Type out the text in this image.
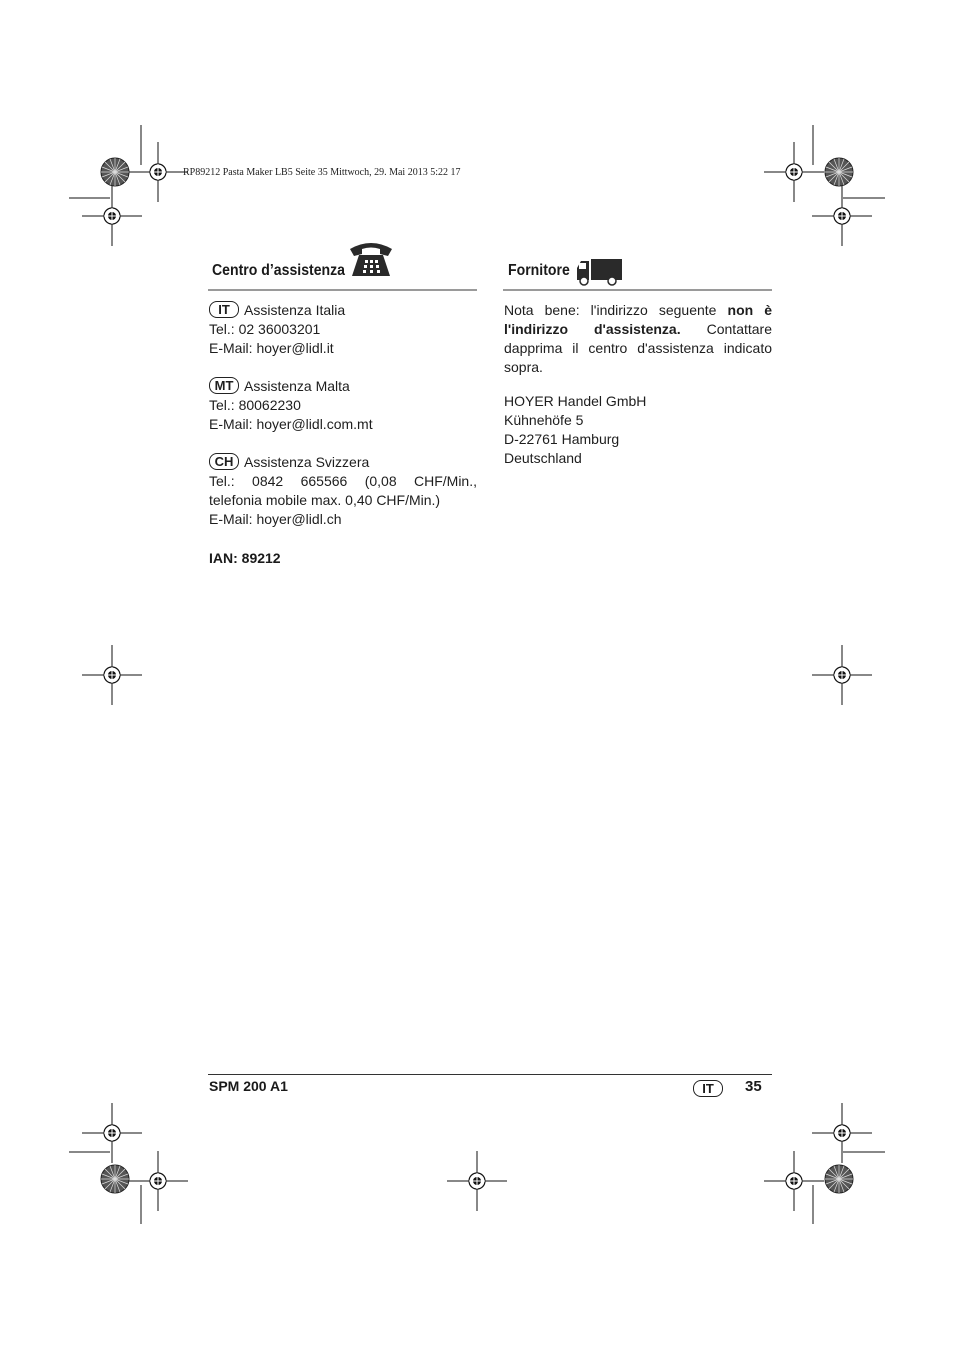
RP89212 Pasta Maker LB5 Seite 35 Mittwoch, 29. Mai 2013 5:22 17
Centro d’assistenza
IT Assistenza Italia
Tel.: 02 36003201
E-Mail: hoyer@lidl.it
MT Assistenza Malta
Tel.: 80062230
E-Mail: hoyer@lidl.com.mt
CH Assistenza Svizzera
Tel.: 0842 665566 (0,08 CHF/Min., telefonia mobile max. 0,40 CHF/Min.)
E-Mail: hoyer@lidl.ch
IAN: 89212
Fornitore
Nota bene: l'indirizzo seguente non è l'indirizzo d'assistenza. Contattare dapprima il centro d'assistenza indicato sopra.
HOYER Handel GmbH
Kühnehöfe 5
D-22761 Hamburg
Deutschland
SPM 200 A1	IT	35
